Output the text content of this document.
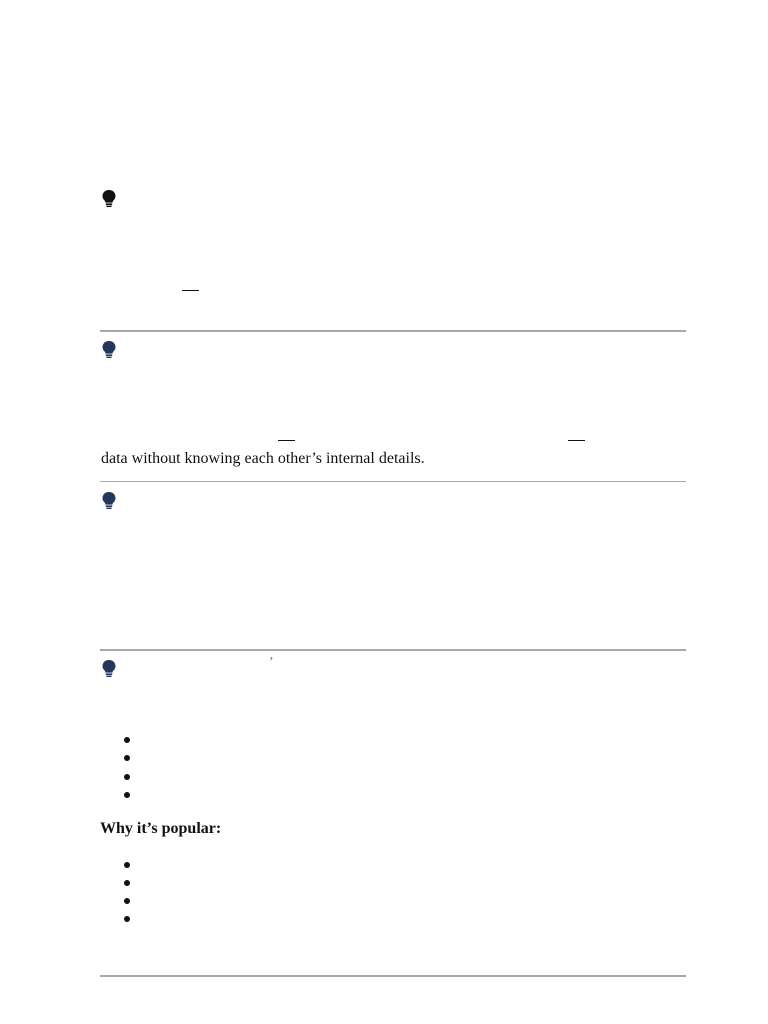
data without knowing each other’s internal details.
’
Why it’s popular:
